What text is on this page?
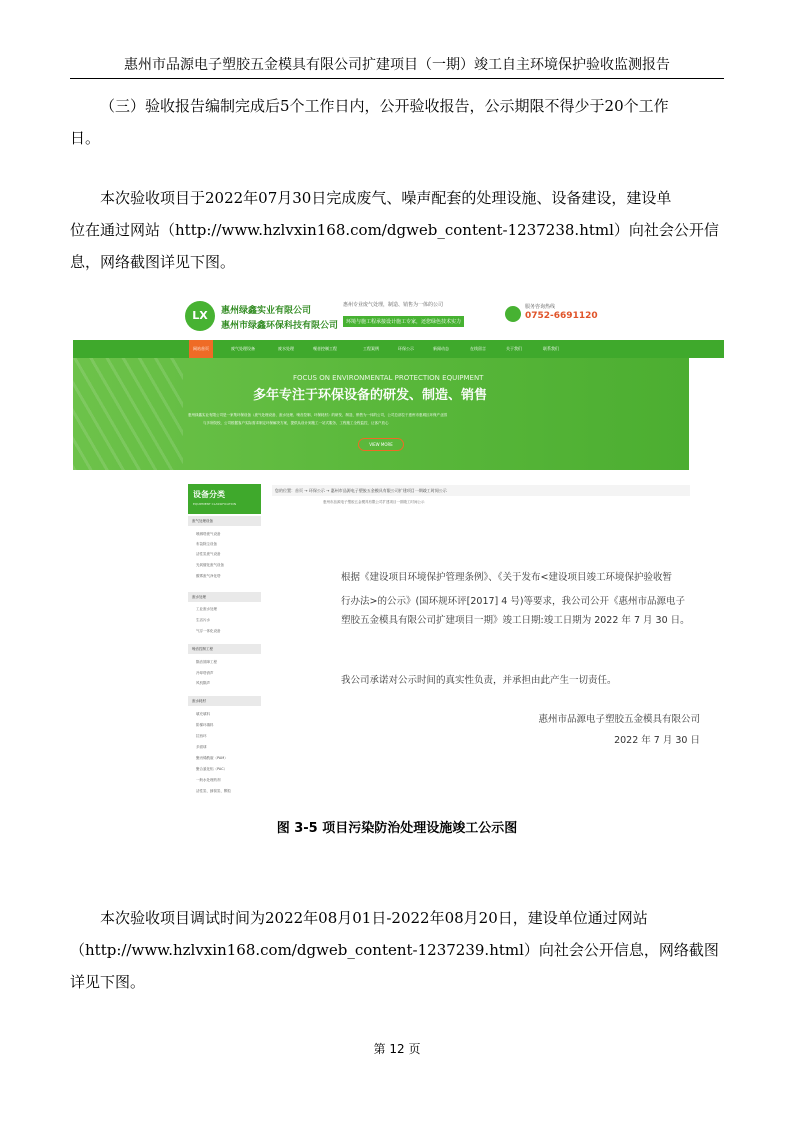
惠州市品源电子塑胶五金模具有限公司扩建项目（一期）竣工自主环境保护验收监测报告
（三）验收报告编制完成后5个工作日内，公开验收报告，公示期限不得少于20个工作
日。
本次验收项目于2022年07月30日完成废气、噪声配套的处理设施、设备建设，建设单
位在通过网站（http://www.hzlvxin168.com/dgweb_content-1237238.html）向社会公开信
息，网络截图详见下图。
LX	惠州绿鑫实业有限公司
惠州市绿鑫环保科技有限公司
惠州专业废气处理，制造、销售为一体的公司
环境与施工程承接设计施工专家，还您绿色技术实力
服务咨询热线
0752-6691120
网站首页	废气处理设备	废水处理	噪音控制工程	工程案例	环保公示	新闻动态	在线留言	关于我们	联系我们
FOCUS ON ENVIRONMENTAL PROTECTION EQUIPMENT
多年专注于环保设备的研发、制造、销售
惠州绿鑫实业有限公司是一家集环保设备（废气处理设备、废水处理、噪音控制、环保耗材）的研发、制造、销售为一体的公司，公司总部位于惠州市惠城区环保产业园
与多所院校，公司根据客户实际需求制定环保解决方案，提供从设计到施工一站式服务，工程施工全程监控，让客户放心
VIEW MORE
设备分类
EQUIPMENT CLASSIFICATION
废气处理设备
喷淋塔废气设备
布袋除尘设备
活性炭废气设备
光氧催化废气设备
酸雾废气净化塔
废水处理
工业废水处理
生活污水
气浮一体化设备
噪音控制工程
隔音屏障工程
冷却塔消声
风机隔声
废水耗材
填充填料
阶梯环填料
拉西环
多面球
聚丙烯酰胺（PAM）
聚合氯化铝（PAC）
一般水处理药剂
活性炭、蜂窝炭、颗粒
您的位置：首页 → 环保公示 → 惠州市品源电子塑胶五金模具有限公司扩建项目一期竣工时间公示
惠州市品源电子塑胶五金模具有限公司扩建项目一期竣工时间公示
根据《建设项目环境保护管理条例》、《关于发布<建设项目竣工环境保护验收暂
行办法>的公示》(国环规环评[2017] 4 号)等要求，我公司公开《惠州市品源电子
塑胶五金模具有限公司扩建项目一期》竣工日期:竣工日期为 2022 年 7 月 30 日。
我公司承诺对公示时间的真实性负责，并承担由此产生一切责任。
惠州市品源电子塑胶五金模具有限公司
2022 年 7 月 30 日
图 3-5 项目污染防治处理设施竣工公示图
本次验收项目调试时间为2022年08月01日-2022年08月20日，建设单位通过网站
（http://www.hzlvxin168.com/dgweb_content-1237239.html）向社会公开信息，网络截图
详见下图。
第 12 页
